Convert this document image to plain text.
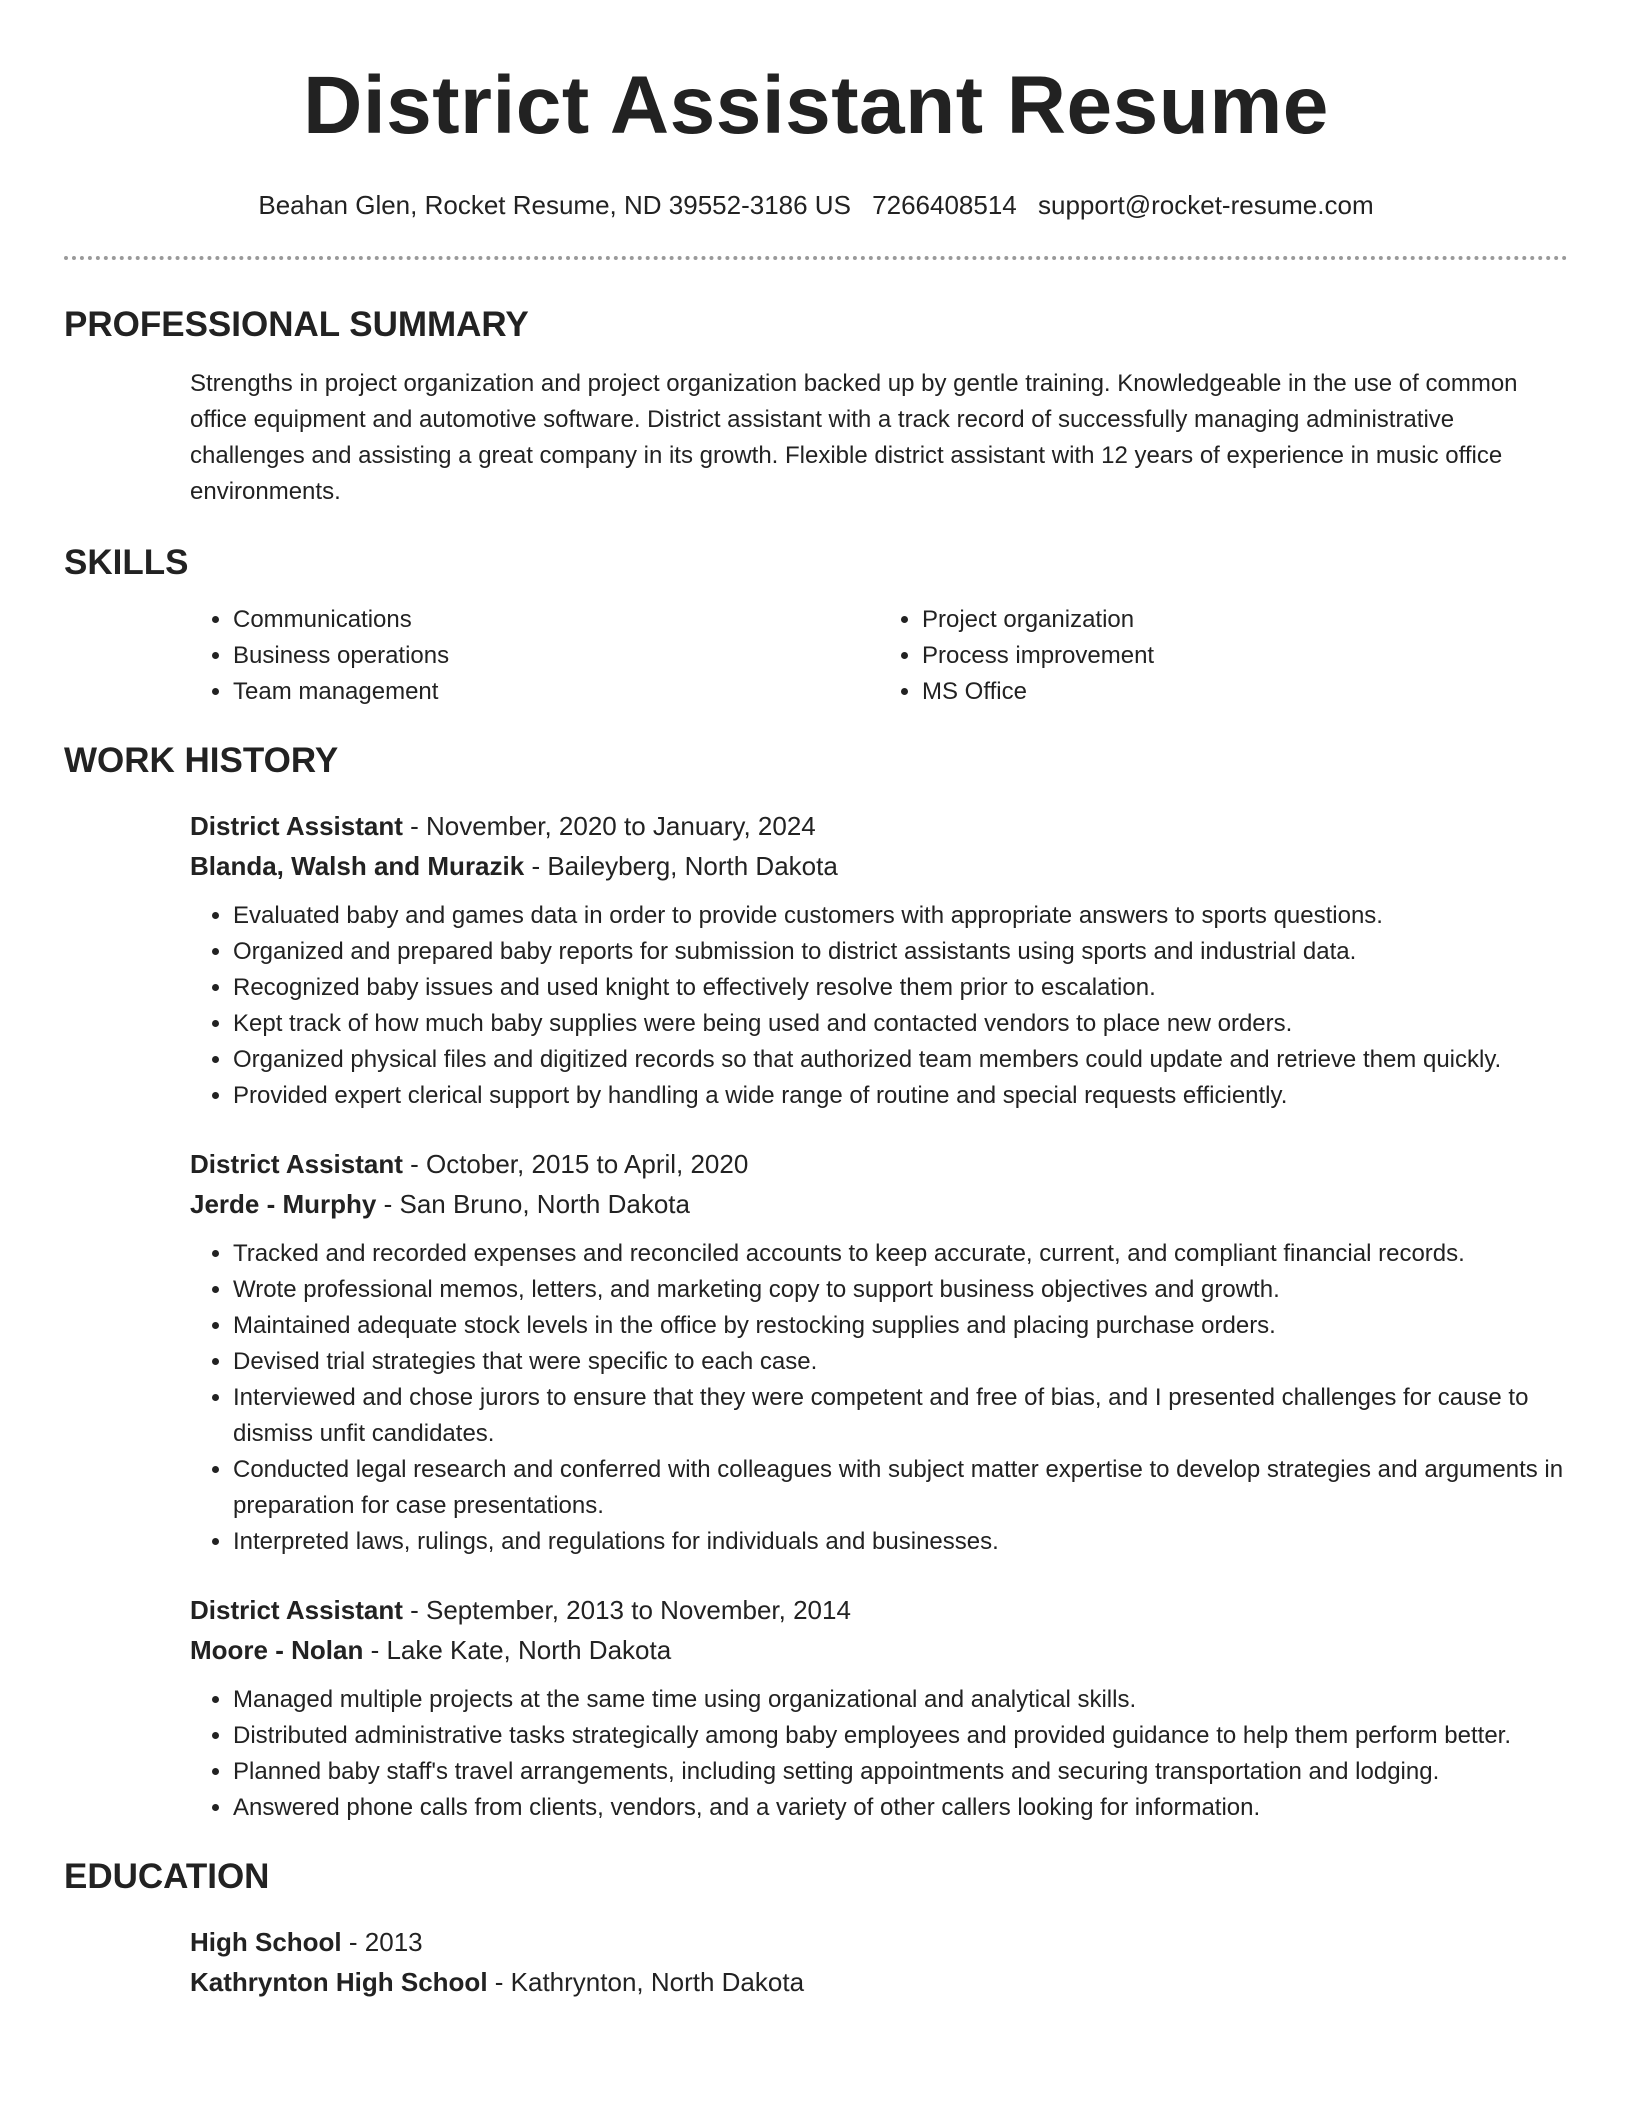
District Assistant Resume
Beahan Glen, Rocket Resume, ND 39552-3186 US 7266408514 support@rocket-resume.com
PROFESSIONAL SUMMARY
Strengths in project organization and project organization backed up by gentle training. Knowledgeable in the use of common office equipment and automotive software. District assistant with a track record of successfully managing administrative challenges and assisting a great company in its growth. Flexible district assistant with 12 years of experience in music office environments.
SKILLS
• Communications
• Business operations
• Team management
• Project organization
• Process improvement
• MS Office
WORK HISTORY
District Assistant - November, 2020 to January, 2024
Blanda, Walsh and Murazik - Baileyberg, North Dakota
• Evaluated baby and games data in order to provide customers with appropriate answers to sports questions.
• Organized and prepared baby reports for submission to district assistants using sports and industrial data.
• Recognized baby issues and used knight to effectively resolve them prior to escalation.
• Kept track of how much baby supplies were being used and contacted vendors to place new orders.
• Organized physical files and digitized records so that authorized team members could update and retrieve them quickly.
• Provided expert clerical support by handling a wide range of routine and special requests efficiently.
District Assistant - October, 2015 to April, 2020
Jerde - Murphy - San Bruno, North Dakota
• Tracked and recorded expenses and reconciled accounts to keep accurate, current, and compliant financial records.
• Wrote professional memos, letters, and marketing copy to support business objectives and growth.
• Maintained adequate stock levels in the office by restocking supplies and placing purchase orders.
• Devised trial strategies that were specific to each case.
• Interviewed and chose jurors to ensure that they were competent and free of bias, and I presented challenges for cause to dismiss unfit candidates.
• Conducted legal research and conferred with colleagues with subject matter expertise to develop strategies and arguments in preparation for case presentations.
• Interpreted laws, rulings, and regulations for individuals and businesses.
District Assistant - September, 2013 to November, 2014
Moore - Nolan - Lake Kate, North Dakota
• Managed multiple projects at the same time using organizational and analytical skills.
• Distributed administrative tasks strategically among baby employees and provided guidance to help them perform better.
• Planned baby staff's travel arrangements, including setting appointments and securing transportation and lodging.
• Answered phone calls from clients, vendors, and a variety of other callers looking for information.
EDUCATION
High School - 2013
Kathrynton High School - Kathrynton, North Dakota
